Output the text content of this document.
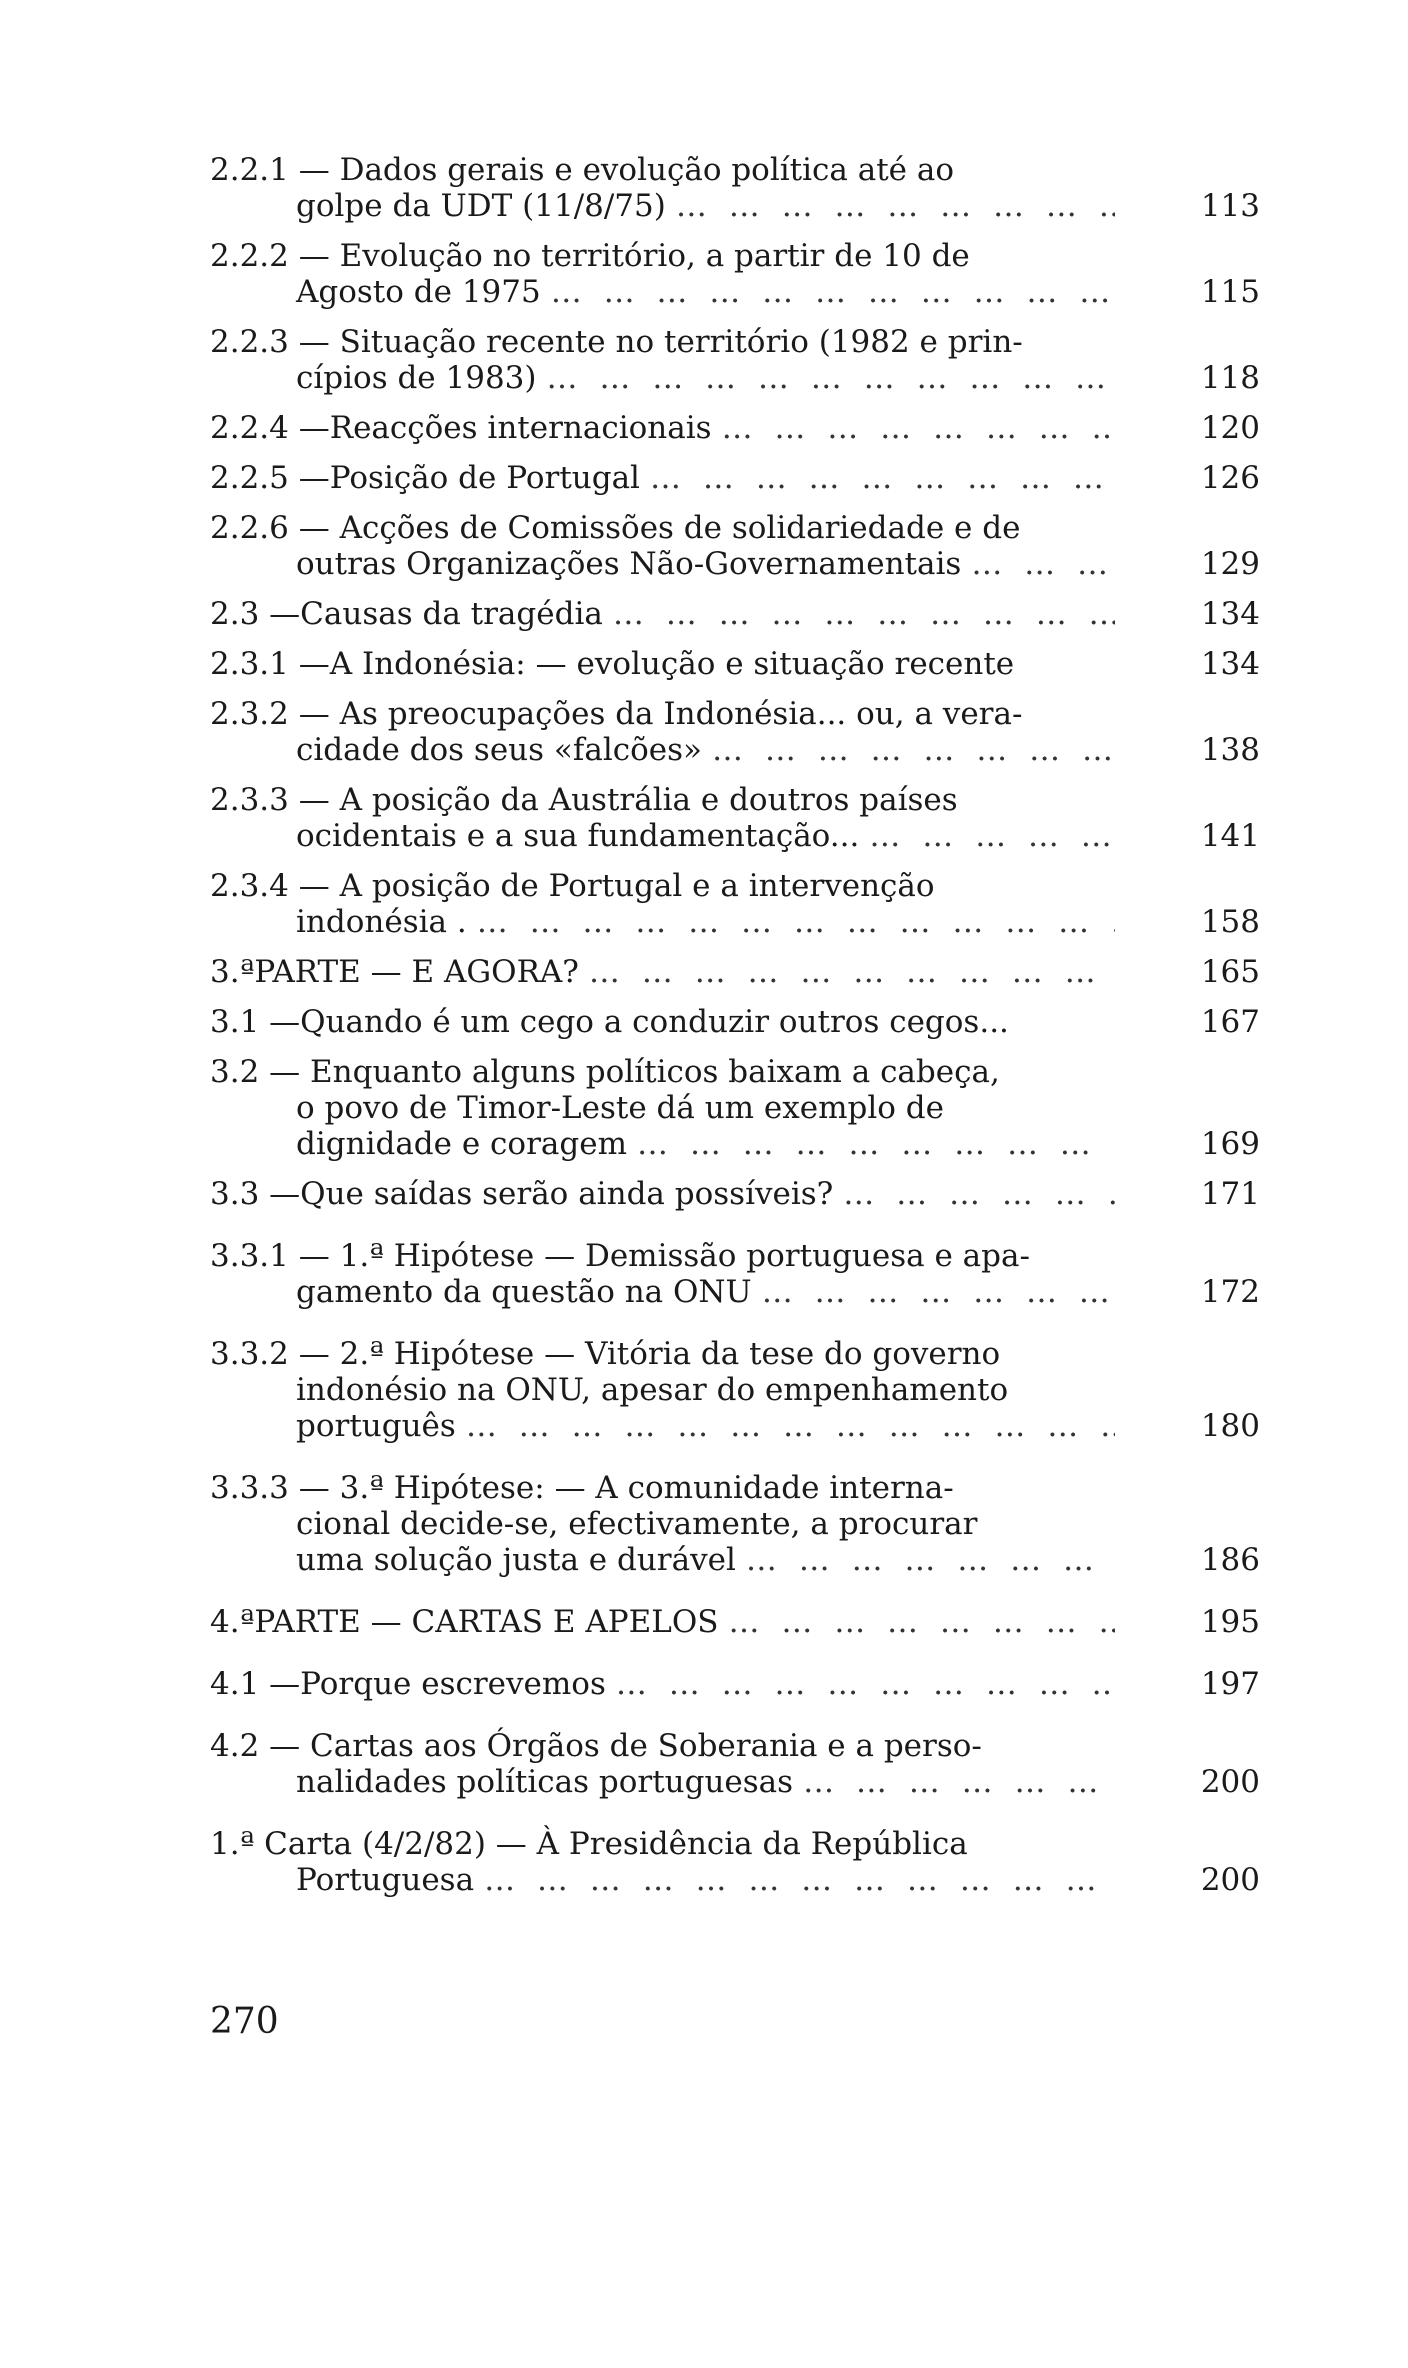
2.2.1 — Dados gerais e evolução política até ao
golpe da UDT (11/8/75) … … … … … … … … … … … … … … … … … … … … … … … … … … … …	113
2.2.2 — Evolução no território, a partir de 10 de
Agosto de 1975 … … … … … … … … … … … … … … … … … … … … … … … … … … … …	115
2.2.3 — Situação recente no território (1982 e prin-
cípios de 1983) … … … … … … … … … … … … … … … … … … … … … … … … … … … …	118
2.2.4 — Reacções internacionais … … … … … … … … … … … … … … … … … … … … … … … … … … … …	120
2.2.5 — Posição de Portugal … … … … … … … … … … … … … … … … … … … … … … … … … … … …	126
2.2.6 — Acções de Comissões de solidariedade e de
outras Organizações Não-Governamentais … … … … … … … … … … … … … … … … … … … … … … … … … … … …	129
2.3 — Causas da tragédia … … … … … … … … … … … … … … … … … … … … … … … … … … … …	134
2.3.1 — A Indonésia: — evolução e situação recente	134
2.3.2 — As preocupações da Indonésia... ou, a vera-
cidade dos seus «falcões» … … … … … … … … … … … … … … … … … … … … … … … … … … … …	138
2.3.3 — A posição da Austrália e doutros países
ocidentais e a sua fundamentação... … … … … … … … … … … … … … … … … … … … … … … … … … … … …	141
2.3.4 — A posição de Portugal e a intervenção
indonésia . … … … … … … … … … … … … … … … … … … … … … … … … … … … …	158
3.ª PARTE — E AGORA? … … … … … … … … … … … … … … … … … … … … … … … … … … … …	165
3.1 — Quando é um cego a conduzir outros cegos...	167
3.2 — Enquanto alguns políticos baixam a cabeça,
o povo de Timor-Leste dá um exemplo de
dignidade e coragem … … … … … … … … … … … … … … … … … … … … … … … … … … … …	169
3.3 — Que saídas serão ainda possíveis? … … … … … … … … … … … … … … … … … … … … … … … … … … … …	171
3.3.1 — 1.ª Hipótese — Demissão portuguesa e apa-
gamento da questão na ONU … … … … … … … … … … … … … … … … … … … … … … … … … … … …	172
3.3.2 — 2.ª Hipótese — Vitória da tese do governo
indonésio na ONU, apesar do empenhamento
português … … … … … … … … … … … … … … … … … … … … … … … … … … … …	180
3.3.3 — 3.ª Hipótese: — A comunidade interna-
cional decide-se, efectivamente, a procurar
uma solução justa e durável … … … … … … … … … … … … … … … … … … … … … … … … … … … …	186
4.ª PARTE — CARTAS E APELOS … … … … … … … … … … … … … … … … … … … … … … … … … … … …	195
4.1 — Porque escrevemos … … … … … … … … … … … … … … … … … … … … … … … … … … … …	197
4.2 — Cartas aos Órgãos de Soberania e a perso-
nalidades políticas portuguesas … … … … … … … … … … … … … … … … … … … … … … … … … … … …	200
1.ª Carta (4/2/82) — À Presidência da República
Portuguesa … … … … … … … … … … … … … … … … … … … … … … … … … … … …	200
270
